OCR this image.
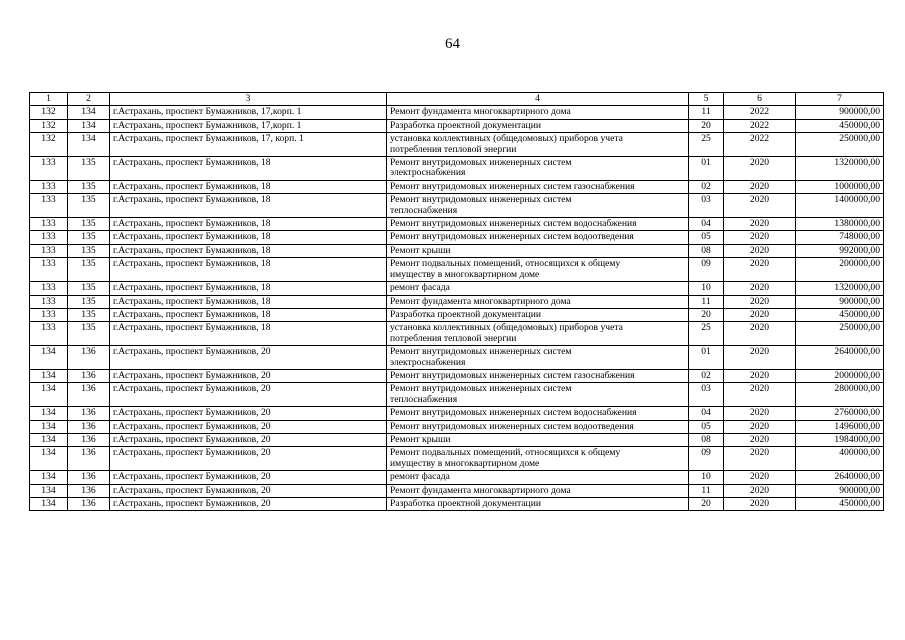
64
1	2	3	4	5	6	7
132	134	г.Астрахань, проспект Бумажников, 17,корп. 1	Ремонт фундамента многоквартирного дома	11	2022	900000,00
132	134	г.Астрахань, проспект Бумажников, 17,корп. 1	Разработка проектной документации	20	2022	450000,00
132	134	г.Астрахань, проспект Бумажников, 17, корп. 1	установка коллективных (общедомовых) приборов учета
потребления тепловой энергии	25	2022	250000,00
133	135	г.Астрахань, проспект Бумажников, 18	Ремонт внутридомовых инженерных систем
электроснабжения	01	2020	1320000,00
133	135	г.Астрахань, проспект Бумажников, 18	Ремонт внутридомовых инженерных систем газоснабжения	02	2020	1000000,00
133	135	г.Астрахань, проспект Бумажников, 18	Ремонт внутридомовых инженерных систем
теплоснабжения	03	2020	1400000,00
133	135	г.Астрахань, проспект Бумажников, 18	Ремонт внутридомовых инженерных систем водоснабжения	04	2020	1380000,00
133	135	г.Астрахань, проспект Бумажников, 18	Ремонт внутридомовых инженерных систем водоотведения	05	2020	748000,00
133	135	г.Астрахань, проспект Бумажников, 18	Ремонт крыши	08	2020	992000,00
133	135	г.Астрахань, проспект Бумажников, 18	Ремонт подвальных помещений, относящихся к общему
имуществу в многоквартирном доме	09	2020	200000,00
133	135	г.Астрахань, проспект Бумажников, 18	ремонт фасада	10	2020	1320000,00
133	135	г.Астрахань, проспект Бумажников, 18	Ремонт фундамента многоквартирного дома	11	2020	900000,00
133	135	г.Астрахань, проспект Бумажников, 18	Разработка проектной документации	20	2020	450000,00
133	135	г.Астрахань, проспект Бумажников, 18	установка коллективных (общедомовых) приборов учета
потребления тепловой энергии	25	2020	250000,00
134	136	г.Астрахань, проспект Бумажников, 20	Ремонт внутридомовых инженерных систем
электроснабжения	01	2020	2640000,00
134	136	г.Астрахань, проспект Бумажников, 20	Ремонт внутридомовых инженерных систем газоснабжения	02	2020	2000000,00
134	136	г.Астрахань, проспект Бумажников, 20	Ремонт внутридомовых инженерных систем
теплоснабжения	03	2020	2800000,00
134	136	г.Астрахань, проспект Бумажников, 20	Ремонт внутридомовых инженерных систем водоснабжения	04	2020	2760000,00
134	136	г.Астрахань, проспект Бумажников, 20	Ремонт внутридомовых инженерных систем водоотведения	05	2020	1496000,00
134	136	г.Астрахань, проспект Бумажников, 20	Ремонт крыши	08	2020	1984000,00
134	136	г.Астрахань, проспект Бумажников, 20	Ремонт подвальных помещений, относящихся к общему
имуществу в многоквартирном доме	09	2020	400000,00
134	136	г.Астрахань, проспект Бумажников, 20	ремонт фасада	10	2020	2640000,00
134	136	г.Астрахань, проспект Бумажников, 20	Ремонт фундамента многоквартирного дома	11	2020	900000,00
134	136	г.Астрахань, проспект Бумажников, 20	Разработка проектной документации	20	2020	450000,00
